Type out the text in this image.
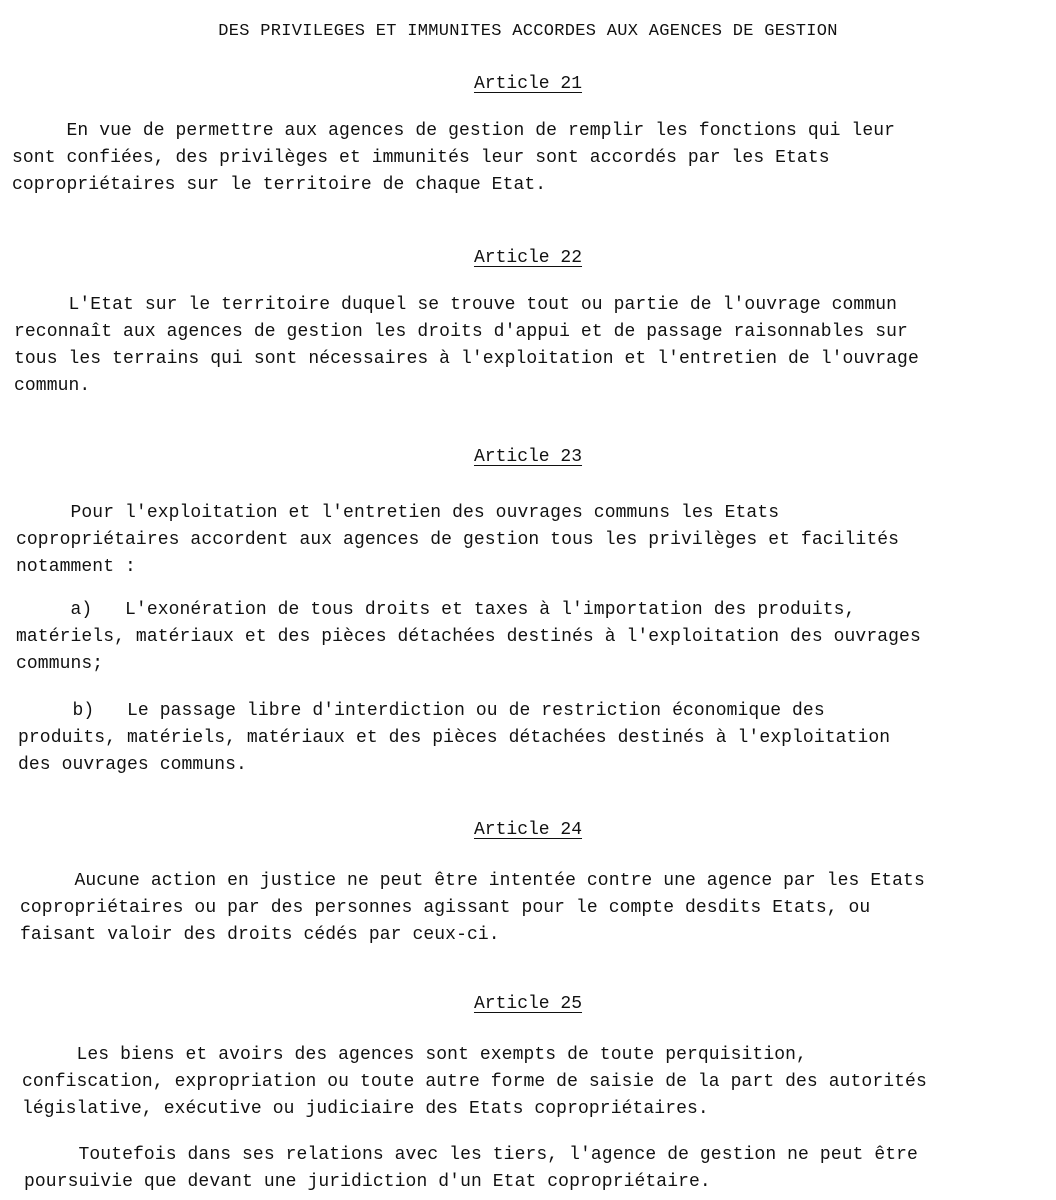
DES PRIVILEGES ET IMMUNITES ACCORDES AUX AGENCES DE GESTION
Article 21
En vue de permettre aux agences de gestion de remplir les fonctions qui leur
sont confiées, des privilèges et immunités leur sont accordés par les Etats
copropriétaires sur le territoire de chaque Etat.
Article 22
L'Etat sur le territoire duquel se trouve tout ou partie de l'ouvrage commun
reconnaît aux agences de gestion les droits d'appui et de passage raisonnables sur
tous les terrains qui sont nécessaires à l'exploitation et l'entretien de l'ouvrage
commun.
Article 23
Pour l'exploitation et l'entretien des ouvrages communs les Etats
copropriétaires accordent aux agences de gestion tous les privilèges et facilités
notamment :
a)   L'exonération de tous droits et taxes à l'importation des produits,
matériels, matériaux et des pièces détachées destinés à l'exploitation des ouvrages
communs;
b)   Le passage libre d'interdiction ou de restriction économique des
produits, matériels, matériaux et des pièces détachées destinés à l'exploitation
des ouvrages communs.
Article 24
Aucune action en justice ne peut être intentée contre une agence par les Etats
copropriétaires ou par des personnes agissant pour le compte desdits Etats, ou
faisant valoir des droits cédés par ceux-ci.
Article 25
Les biens et avoirs des agences sont exempts de toute perquisition,
confiscation, expropriation ou toute autre forme de saisie de la part des autorités
législative, exécutive ou judiciaire des Etats copropriétaires.
Toutefois dans ses relations avec les tiers, l'agence de gestion ne peut être
poursuivie que devant une juridiction d'un Etat copropriétaire.
